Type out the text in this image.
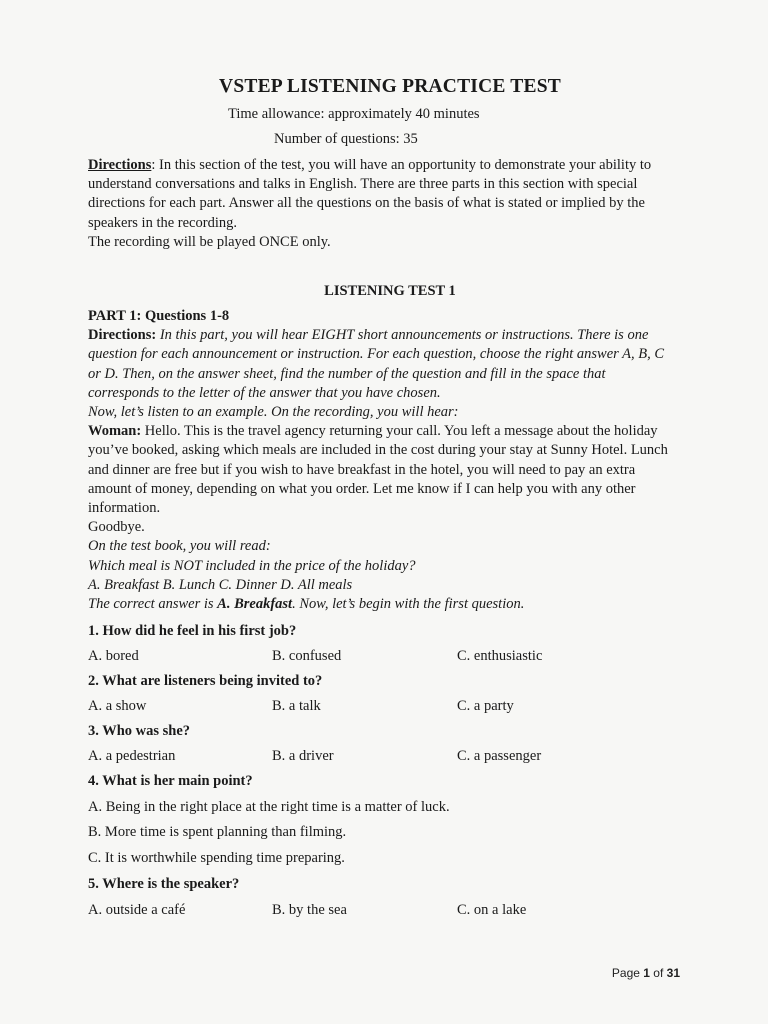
VSTEP LISTENING PRACTICE TEST
Time allowance: approximately 40 minutes
Number of questions: 35

Directions: In this section of the test, you will have an opportunity to demonstrate your ability to understand conversations and talks in English. There are three parts in this section with special directions for each part. Answer all the questions on the basis of what is stated or implied by the speakers in the recording.

The recording will be played ONCE only.

LISTENING TEST 1

PART 1: Questions 1-8

Directions: In this part, you will hear EIGHT short announcements or instructions. There is one question for each announcement or instruction. For each question, choose the right answer A, B, C or D. Then, on the answer sheet, find the number of the question and fill in the space that corresponds to the letter of the answer that you have chosen.

Now, let’s listen to an example. On the recording, you will hear:

Woman: Hello. This is the travel agency returning your call. You left a message about the holiday you’ve booked, asking which meals are included in the cost during your stay at Sunny Hotel. Lunch and dinner are free but if you wish to have breakfast in the hotel, you will need to pay an extra amount of money, depending on what you order. Let me know if I can help you with any other information.

Goodbye.

On the test book, you will read:

Which meal is NOT included in the price of the holiday?

A. Breakfast B. Lunch C. Dinner D. All meals

The correct answer is A. Breakfast. Now, let’s begin with the first question.

1. How did he feel in his first job?
A. bored	B. confused	C. enthusiastic
2. What are listeners being invited to?
A. a show	B. a talk	C. a party
3. Who was she?
A. a pedestrian	B. a driver	C. a passenger
4. What is her main point?
A. Being in the right place at the right time is a matter of luck.
B. More time is spent planning than filming.
C. It is worthwhile spending time preparing.
5. Where is the speaker?
A. outside a café	B. by the sea	C. on a lake
Page 1 of 31
